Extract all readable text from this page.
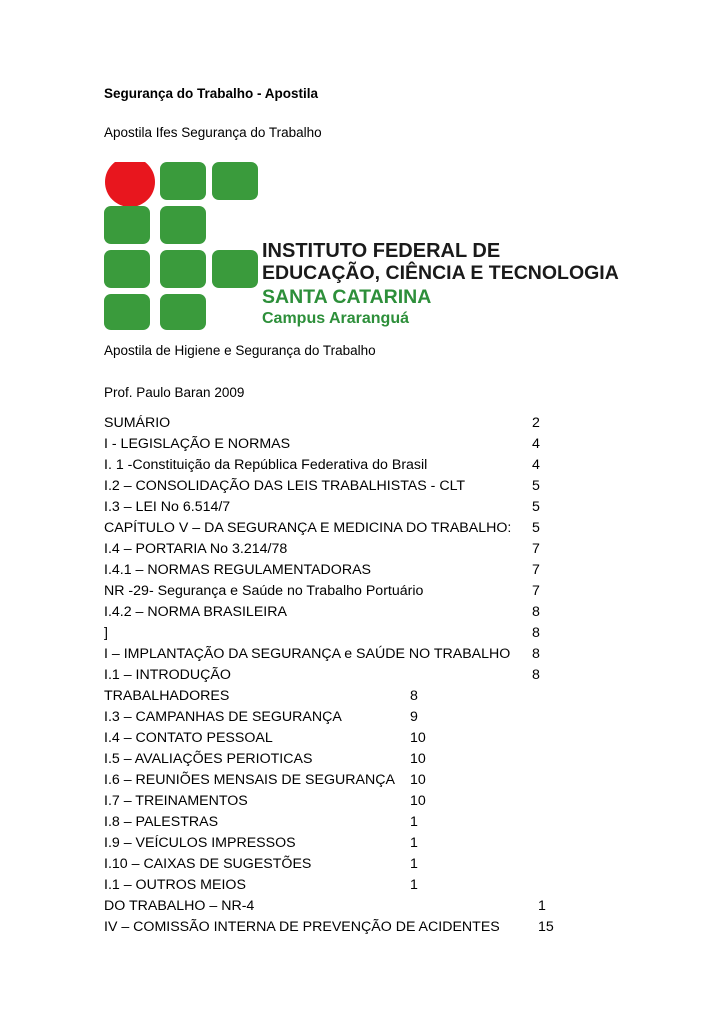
Segurança do Trabalho - Apostila
Apostila Ifes Segurança do Trabalho
INSTITUTO FEDERAL DE
EDUCAÇÃO, CIÊNCIA E TECNOLOGIA
SANTA CATARINA
Campus Araranguá
Apostila de Higiene e Segurança do Trabalho
Prof. Paulo Baran 2009
SUMÁRIO	2
I - LEGISLAÇÃO E NORMAS	4
I. 1 -Constituição da República Federativa do Brasil	4
I.2 – CONSOLIDAÇÃO DAS LEIS TRABALHISTAS - CLT	5
I.3 – LEI No 6.514/7	5
CAPÍTULO V – DA SEGURANÇA E MEDICINA DO TRABALHO: 5
I.4 – PORTARIA No 3.214/78	7
I.4.1 – NORMAS REGULAMENTADORAS	7
NR -29- Segurança e Saúde no Trabalho Portuário	7
I.4.2 – NORMA BRASILEIRA	8
]	8
I – IMPLANTAÇÃO DA SEGURANÇA e SAÚDE NO TRABALHO 8
I.1 – INTRODUÇÃO	8
TRABALHADORES	8
I.3 – CAMPANHAS DE SEGURANÇA	9
I.4 – CONTATO PESSOAL	10
I.5 – AVALIAÇÕES PERIOTICAS	10
I.6 – REUNIÕES MENSAIS DE SEGURANÇA 10
I.7 – TREINAMENTOS	10
I.8 – PALESTRAS	1
I.9 – VEÍCULOS IMPRESSOS	1
I.10 – CAIXAS DE SUGESTÕES	1
I.1 – OUTROS MEIOS	1
DO TRABALHO – NR-4	1
IV – COMISSÃO INTERNA DE PREVENÇÃO DE ACIDENTES	15
